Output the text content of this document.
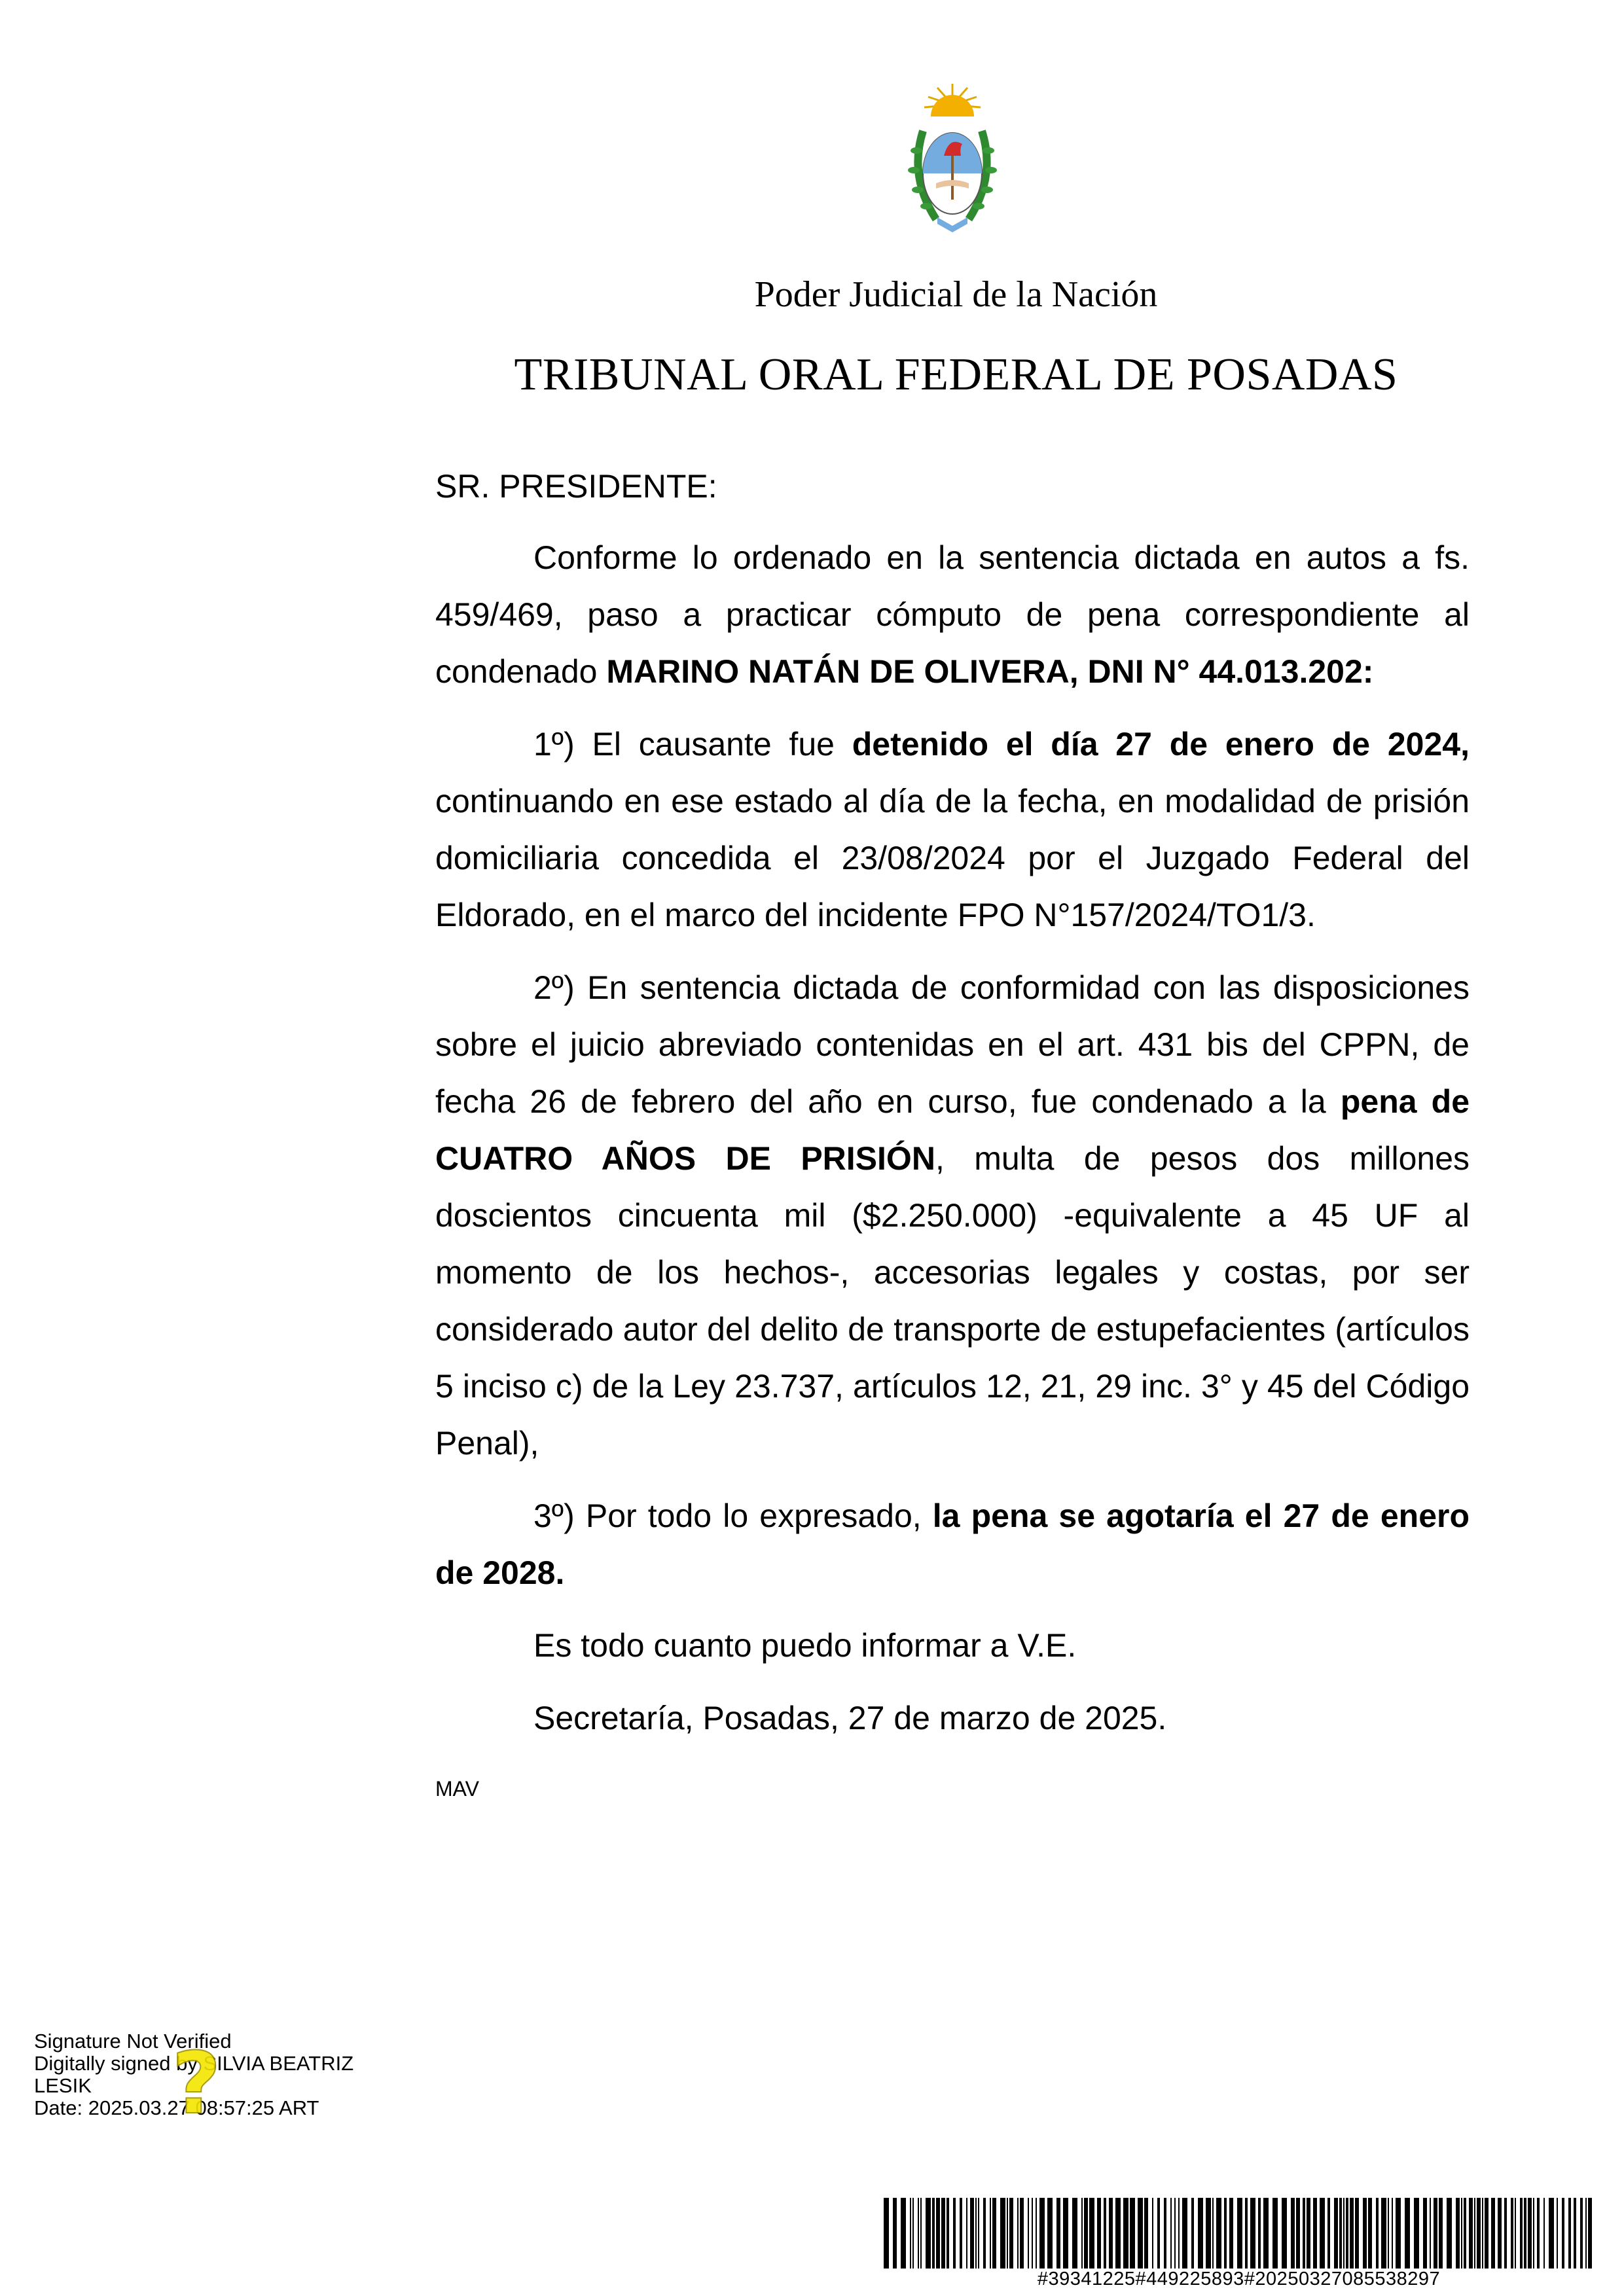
Poder Judicial de la Nación
TRIBUNAL ORAL FEDERAL DE POSADAS

SR. PRESIDENTE:

Conforme lo ordenado en la sentencia dictada en autos a fs. 459/469, paso a practicar cómputo de pena correspondiente al condenado MARINO NATÁN DE OLIVERA, DNI N° 44.013.202:

1º) El causante fue detenido el día 27 de enero de 2024, continuando en ese estado al día de la fecha, en modalidad de prisión domiciliaria concedida el 23/08/2024 por el Juzgado Federal del Eldorado, en el marco del incidente FPO N°157/2024/TO1/3.

2º) En sentencia dictada de conformidad con las disposiciones sobre el juicio abreviado contenidas en el art. 431 bis del CPPN, de fecha 26 de febrero del año en curso, fue condenado a la pena de CUATRO AÑOS DE PRISIÓN, multa de pesos dos millones doscientos cincuenta mil ($2.250.000) -equivalente a 45 UF al momento de los hechos-, accesorias legales y costas, por ser considerado autor del delito de transporte de estupefacientes (artículos 5 inciso c) de la Ley 23.737, artículos 12, 21, 29 inc. 3° y 45 del Código Penal),

3º) Por todo lo expresado, la pena se agotaría el 27 de enero de 2028.

Es todo cuanto puedo informar a V.E.

Secretaría, Posadas, 27 de marzo de 2025.

MAV
Signature Not Verified
Digitally signed by SILVIA BEATRIZ
LESIK
Date: 2025.03.27 08:57:25 ART
?
#39341225#449225893#20250327085538297
